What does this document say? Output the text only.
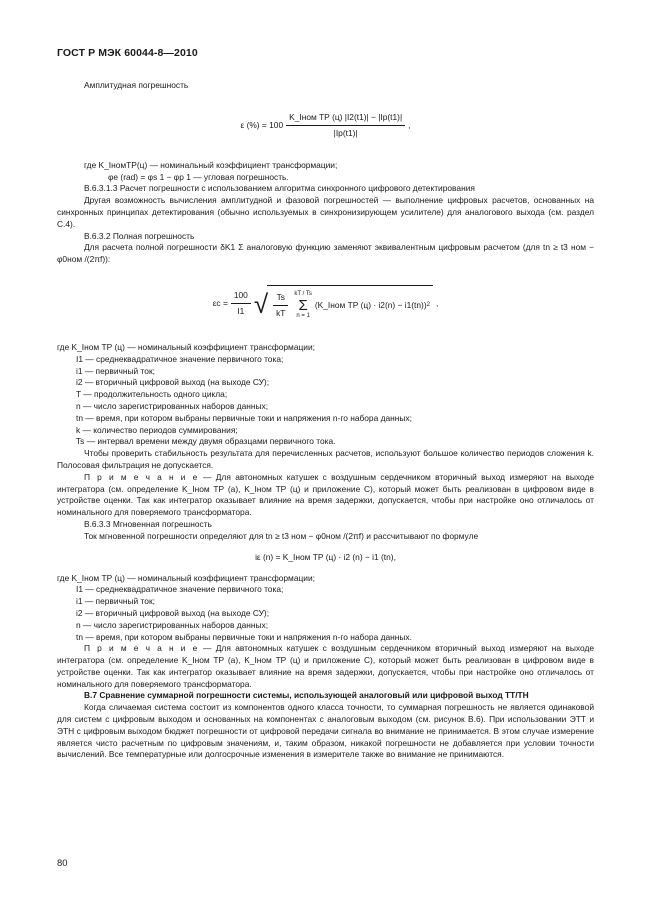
ГОСТ Р МЭК 60044-8—2010

Амплитудная погрешность

ε (%) = $100 \frac{\text{K\_Iном ТР (ц) |I2(t1)| − |Iр(t1)|}}{|Iр(t1)|}$ ,

где K_IномТР(ц) — номинальный коэффициент трансформации;

φe (rad) = φs 1 − φp 1 — угловая погрешность.

В.6.3.1.3 Расчет погрешности с использованием алгоритма синхронного цифрового детектирования

Другая возможность вычисления амплитудной и фазовой погрешностей — выполнение цифровых расчетов, основанных на синхронных принципах детектирования (обычно используемых в синхронизирующем усилителе) для аналогового выхода (см. раздел С.4).

В.6.3.2 Полная погрешность

Для расчета полной погрешности δK1 Σ аналоговую функцию заменяют эквивалентным цифровым расчетом (для tn ≥ t3 ном − φ0ном /(2πf)):

$\varepsilon c = \frac{100}{I1}$ √ $\frac{Ts}{kT}$ kT / Ts
Σ
n = 1
(K_Iном ТР (ц) · i2(n) − i1(tn)) 2 ,

где K_Iном ТР (ц) — номинальный коэффициент трансформации;

I1 — среднеквадратичное значение первичного тока;

i1 — первичный ток;

i2 — вторичный цифровой выход (на выходе СУ);

T — продолжительность одного цикла;

n — число зарегистрированных наборов данных;

tn — время, при котором выбраны первичные токи и напряжения n-го набора данных;

k — количество периодов суммирования;

Ts — интервал времени между двумя образцами первичного тока.

Чтобы проверить стабильность результата для перечисленных расчетов, используют большое количество периодов сложения k. Полосовая фильтрация не допускается.

П р и м е ч а н и е — Для автономных катушек с воздушным сердечником вторичный выход измеряют на выходе интегратора (см. определение K_Iном ТР (а), K_Iном ТР (ц) и приложение С), который может быть реализован в цифровом виде в устройстве оценки. Так как интегратор оказывает влияние на время задержки, допускается, чтобы при настройке оно отличалось от номинального для поверяемого трансформатора.

В.6.3.3 Мгновенная погрешность

Ток мгновенной погрешности определяют для tn ≥ t3 ном − φ0ном /(2πf) и рассчитывают по формуле

iε (n) = K_Iном ТР (ц) · i2 (n) − i1 (tn),

где K_Iном ТР (ц) — номинальный коэффициент трансформации;

I1 — среднеквадратичное значение первичного тока;

i1 — первичный ток;

i2 — вторичный цифровой выход (на выходе СУ);

n — число зарегистрированных наборов данных;

tn — время, при котором выбраны первичные токи и напряжения n-го набора данных.

П р и м е ч а н и е — Для автономных катушек с воздушным сердечником вторичный выход измеряют на выходе интегратора (см. определение K_Iном ТР (а), K_Iном ТР (ц) и приложение С), который может быть реализован в цифровом виде в устройстве оценки. Так как интегратор оказывает влияние на время задержки, допускается, чтобы при настройке оно отличалось от номинального для поверяемого трансформатора.

В.7 Сравнение суммарной погрешности системы, использующей аналоговый или цифровой выход ТТ/ТН

Когда сличаемая система состоит из компонентов одного класса точности, то суммарная погрешность не является одинаковой для систем с цифровым выходом и основанных на компонентах с аналоговым выходом (см. рисунок В.6). При использовании ЭТТ и ЭТН с цифровым выходом бюджет погрешности от цифровой передачи сигнала во внимание не принимается. В этом случае измерение является чисто расчетным по цифровым значениям, и, таким образом, никакой погрешности не добавляется при условии точности вычислений. Все температурные или долгосрочные изменения в измерителе также во внимание не принимаются.

80
